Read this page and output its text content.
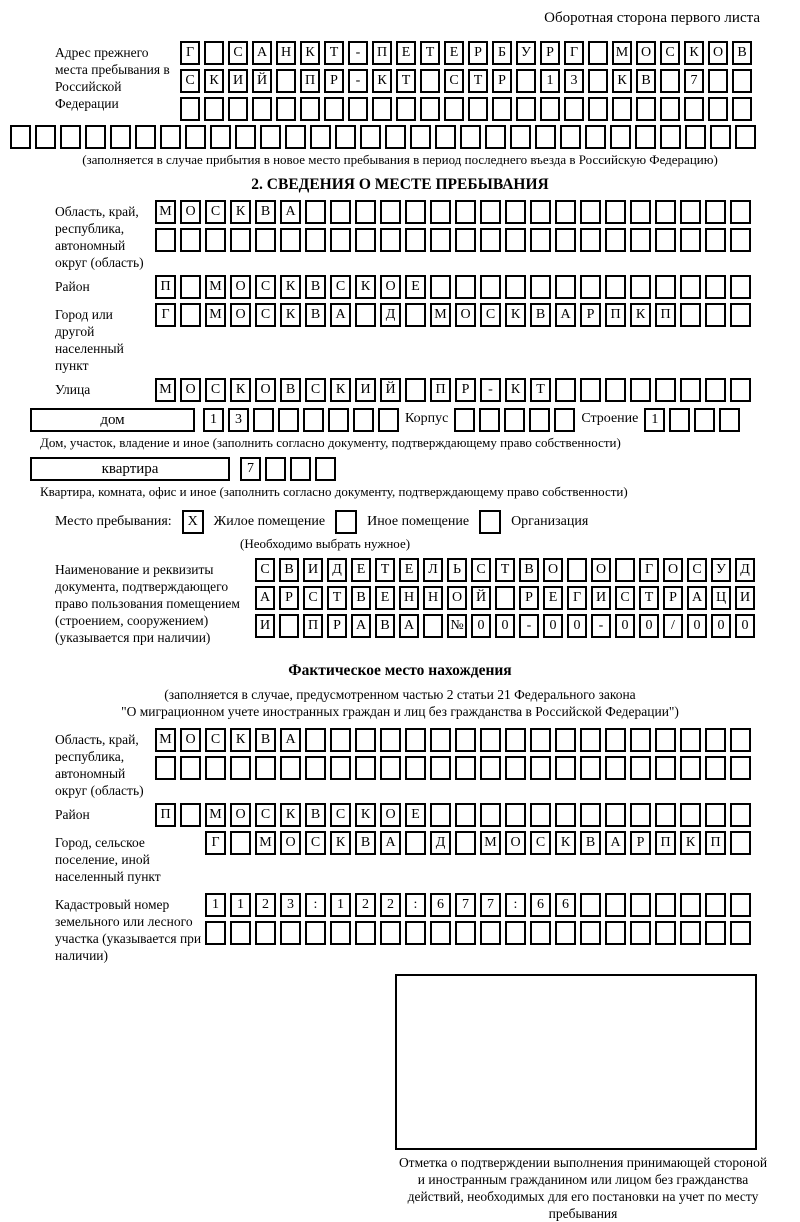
Оборотная сторона первого листа
Адрес прежнего места пребывания в Российской Федерации
Г	С	А Н	К	Т	-	П	Е	Т	Е	Р	Б	У	Р	Г	М О	С	К	О	В
С	К	И Й	П	Р	-	К	Т	С	Т	Р	1	3	К	В	7
(заполняется в случае прибытия в новое место пребывания в период последнего въезда в Российскую Федерацию)
2. СВЕДЕНИЯ О МЕСТЕ ПРЕБЫВАНИЯ
Область, край, республика, автономный округ (область)
М О	С	К	В	А
Район	П	М О	С	К	В	С	К	О	Е
Город или другой населенный пункт
Г	М О	С	К	В	А	Д	М О	С	К	В	А	Р	П	К	П
Улица	М О	С	К	О	В	С	К	И	Й	П	Р	-	К	Т
дом	1	3	Корпус	Строение 1
Дом, участок, владение и иное (заполнить согласно документу, подтверждающему право собственности)
квартира	7
Квартира, комната, офис и иное (заполнить согласно документу, подтверждающему право собственности)
Место пребывания:	X	Жилое помещение	Иное помещение	Организация
(Необходимо выбрать нужное)
Наименование и реквизиты документа, подтверждающего право пользования помещением (строением, сооружением) (указывается при наличии)
С	В	И	Д	Е	Т	Е	Л	Ь	С	Т	В	О	О	Г	О	С	У	Д
А	Р	С	Т	В	Е	Н Н О Й	Р	Е	Г	И	С	Т	Р	А Ц И
И	П	Р	А	В	А	№ 0	0	-	0	0	-	0	0	/	0	0	0
Фактическое место нахождения
(заполняется в случае, предусмотренном частью 2 статьи 21 Федерального закона
"О миграционном учете иностранных граждан и лиц без гражданства в Российской Федерации")
Область, край, республика, автономный округ (область)
М О	С	К	В	А
Район	П	М О	С	К	В	С	К	О	Е
Город, сельское поселение, иной населенный пункт
Г	М О	С	К	В	А	Д	М О	С	К	В	А	Р	П	К	П
Кадастровый номер земельного или лесного участка (указывается при наличии)
1	1	2	3	:	1	2	2	:	6	7	7	:	6	6
Отметка о подтверждении выполнения принимающей стороной и иностранным гражданином или лицом без гражданства действий, необходимых для его постановки на учет по месту пребывания
